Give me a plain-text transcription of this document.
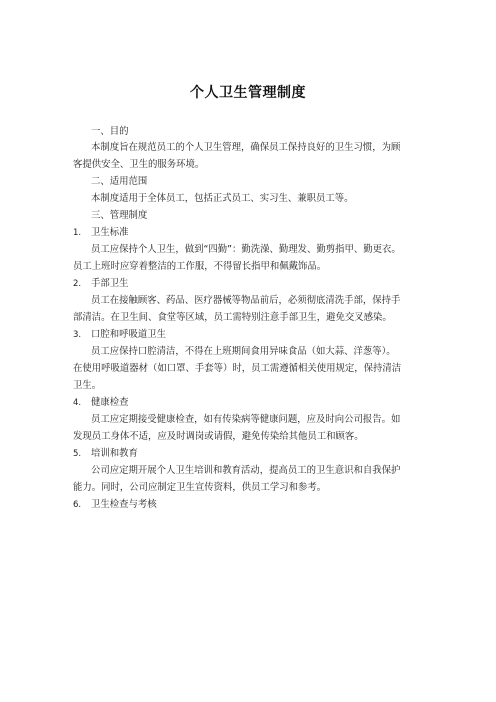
个人卫生管理制度
一、目的
本制度旨在规范员工的个人卫生管理，确保员工保持良好的卫生习惯，为顾
客提供安全、卫生的服务环境。
二、适用范围
本制度适用于全体员工，包括正式员工、实习生、兼职员工等。
三、管理制度
1. 卫生标准
员工应保持个人卫生，做到“四勤”：勤洗澡、勤理发、勤剪指甲、勤更衣。
员工上班时应穿着整洁的工作服，不得留长指甲和佩戴饰品。
2. 手部卫生
员工在接触顾客、药品、医疗器械等物品前后，必须彻底清洗手部，保持手
部清洁。在卫生间、食堂等区域，员工需特别注意手部卫生，避免交叉感染。
3. 口腔和呼吸道卫生
员工应保持口腔清洁，不得在上班期间食用异味食品（如大蒜、洋葱等）。
在使用呼吸道器材（如口罩、手套等）时，员工需遵循相关使用规定，保持清洁
卫生。
4. 健康检查
员工应定期接受健康检查，如有传染病等健康问题，应及时向公司报告。如
发现员工身体不适，应及时调岗或请假，避免传染给其他员工和顾客。
5. 培训和教育
公司应定期开展个人卫生培训和教育活动，提高员工的卫生意识和自我保护
能力。同时，公司应制定卫生宣传资料，供员工学习和参考。
6. 卫生检查与考核
